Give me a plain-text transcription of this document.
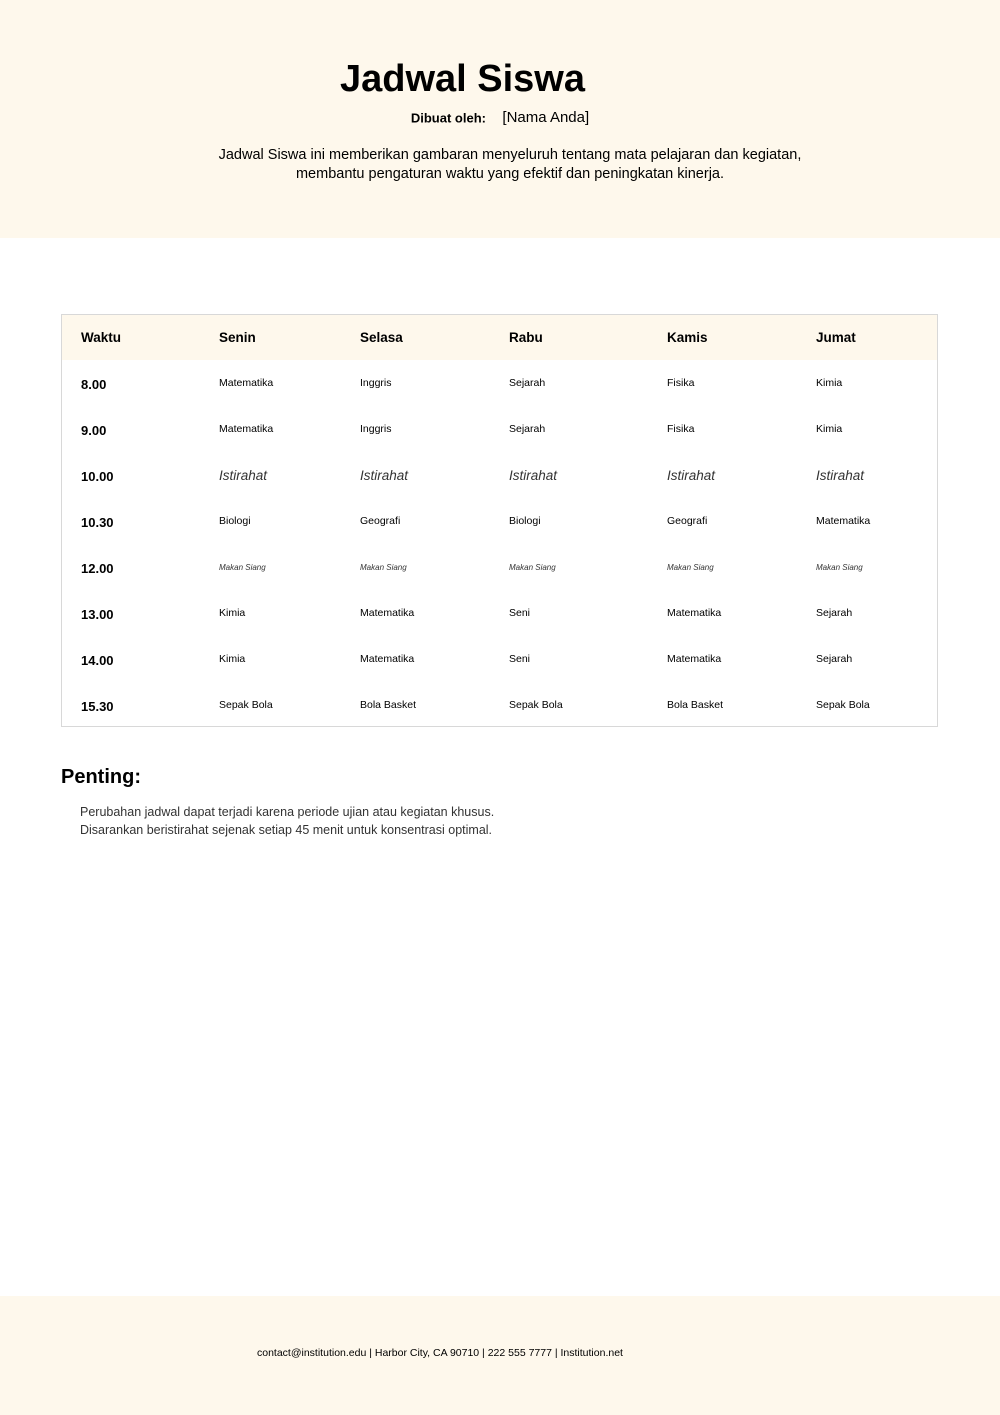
Jadwal Siswa
Dibuat oleh: [Nama Anda]

Jadwal Siswa ini memberikan gambaran menyeluruh tentang mata pelajaran dan kegiatan,
membantu pengaturan waktu yang efektif dan peningkatan kinerja.

Waktu	Senin	Selasa	Rabu	Kamis	Jumat
8.00	Matematika	Inggris	Sejarah	Fisika	Kimia
9.00	Matematika	Inggris	Sejarah	Fisika	Kimia
10.00	Istirahat	Istirahat	Istirahat	Istirahat	Istirahat
10.30	Biologi	Geografi	Biologi	Geografi	Matematika
12.00	Makan Siang	Makan Siang	Makan Siang	Makan Siang	Makan Siang
13.00	Kimia	Matematika	Seni	Matematika	Sejarah
14.00	Kimia	Matematika	Seni	Matematika	Sejarah
15.30	Sepak Bola	Bola Basket	Sepak Bola	Bola Basket	Sepak Bola
Penting:
Perubahan jadwal dapat terjadi karena periode ujian atau kegiatan khusus.
Disarankan beristirahat sejenak setiap 45 menit untuk konsentrasi optimal.
contact@institution.edu | Harbor City, CA 90710 | 222 555 7777 | Institution.net
